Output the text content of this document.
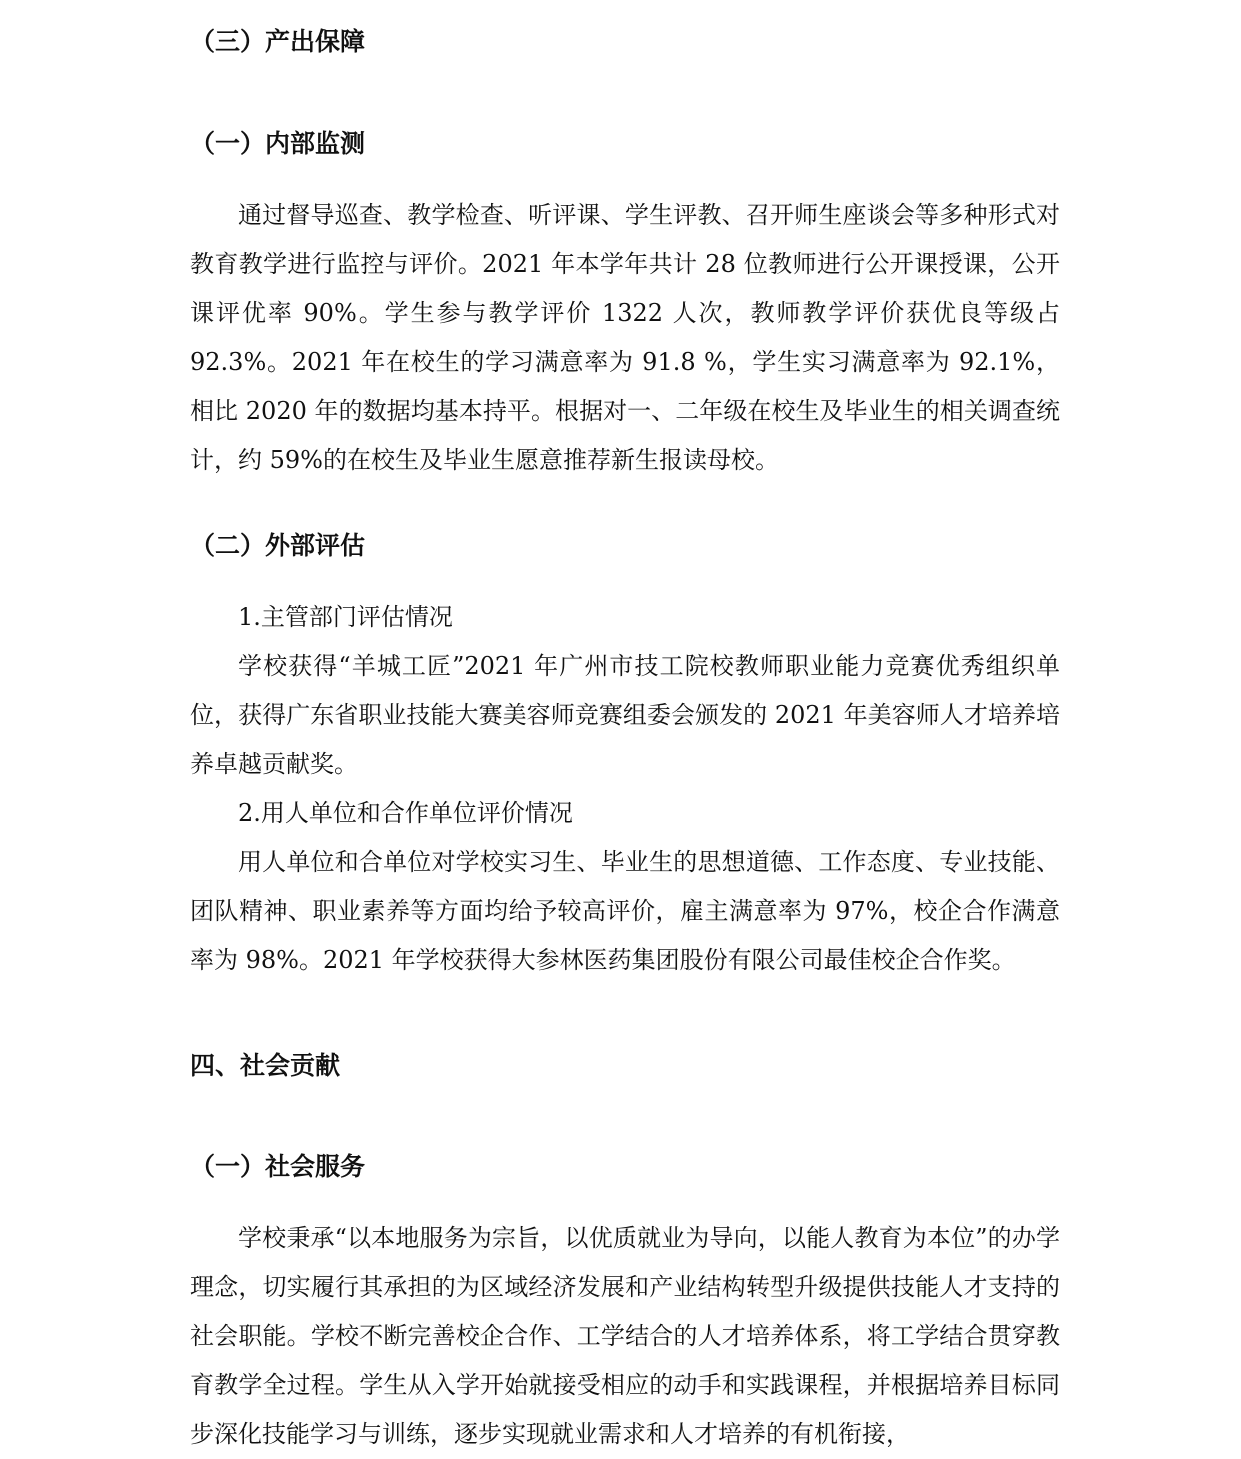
（三）产出保障
（一）内部监测

通过督导巡查、教学检查、听评课、学生评教、召开师生座谈会等多种形式对教育教学进行监控与评价。2021 年本学年共计 28 位教师进行公开课授课，公开课评优率 90%。学生参与教学评价 1322 人次，教师教学评价获优良等级占 92.3%。2021 年在校生的学习满意率为 91.8 %，学生实习满意率为 92.1%，相比 2020 年的数据均基本持平。根据对一、二年级在校生及毕业生的相关调查统计，约 59%的在校生及毕业生愿意推荐新生报读母校。

（二）外部评估

1.主管部门评估情况

学校获得“羊城工匠”2021 年广州市技工院校教师职业能力竞赛优秀组织单位，获得广东省职业技能大赛美容师竞赛组委会颁发的 2021 年美容师人才培养培养卓越贡献奖。

2.用人单位和合作单位评价情况

用人单位和合单位对学校实习生、毕业生的思想道德、工作态度、专业技能、团队精神、职业素养等方面均给予较高评价，雇主满意率为 97%，校企合作满意率为 98%。2021 年学校获得大参林医药集团股份有限公司最佳校企合作奖。

四、社会贡献
（一）社会服务

学校秉承“以本地服务为宗旨，以优质就业为导向，以能人教育为本位”的办学理念，切实履行其承担的为区域经济发展和产业结构转型升级提供技能人才支持的社会职能。学校不断完善校企合作、工学结合的人才培养体系，将工学结合贯穿教育教学全过程。学生从入学开始就接受相应的动手和实践课程，并根据培养目标同步深化技能学习与训练，逐步实现就业需求和人才培养的有机衔接，
